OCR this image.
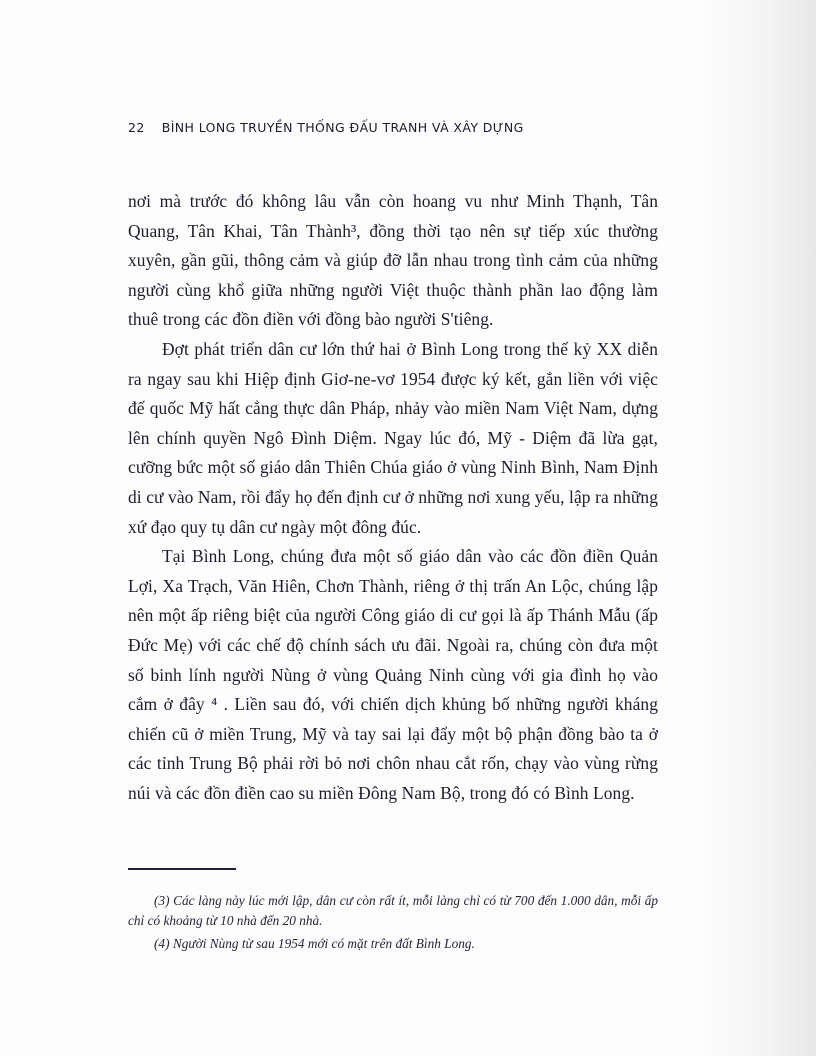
22 BÌNH LONG TRUYỀN THỐNG ĐẤU TRANH VÀ XÂY DỰNG

nơi mà trước đó không lâu vẫn còn hoang vu như Minh Thạnh, Tân Quang, Tân Khai, Tân Thành³, đồng thời tạo nên sự tiếp xúc thường xuyên, gần gũi, thông cảm và giúp đỡ lẫn nhau trong tình cảm của những người cùng khổ giữa những người Việt thuộc thành phần lao động làm thuê trong các đồn điền với đồng bào người S'tiêng.

Đợt phát triển dân cư lớn thứ hai ở Bình Long trong thế kỷ XX diễn ra ngay sau khi Hiệp định Giơ-ne-vơ 1954 được ký kết, gắn liền với việc đế quốc Mỹ hất cẳng thực dân Pháp, nhảy vào miền Nam Việt Nam, dựng lên chính quyền Ngô Đình Diệm. Ngay lúc đó, Mỹ - Diệm đã lừa gạt, cưỡng bức một số giáo dân Thiên Chúa giáo ở vùng Ninh Bình, Nam Định di cư vào Nam, rồi đẩy họ đến định cư ở những nơi xung yếu, lập ra những xứ đạo quy tụ dân cư ngày một đông đúc.

Tại Bình Long, chúng đưa một số giáo dân vào các đồn điền Quản Lợi, Xa Trạch, Văn Hiên, Chơn Thành, riêng ở thị trấn An Lộc, chúng lập nên một ấp riêng biệt của người Công giáo di cư gọi là ấp Thánh Mẫu (ấp Đức Mẹ) với các chế độ chính sách ưu đãi. Ngoài ra, chúng còn đưa một số binh lính người Nùng ở vùng Quảng Ninh cùng với gia đình họ vào cắm ở đây ⁴ . Liền sau đó, với chiến dịch khủng bố những người kháng chiến cũ ở miền Trung, Mỹ và tay sai lại đẩy một bộ phận đồng bào ta ở các tỉnh Trung Bộ phải rời bỏ nơi chôn nhau cắt rốn, chạy vào vùng rừng núi và các đồn điền cao su miền Đông Nam Bộ, trong đó có Bình Long.

(3) Các làng này lúc mới lập, dân cư còn rất ít, mỗi làng chỉ có từ 700 đến 1.000 dân, mỗi ấp chỉ có khoảng từ 10 nhà đến 20 nhà.

(4) Người Nùng từ sau 1954 mới có mặt trên đất Bình Long.
